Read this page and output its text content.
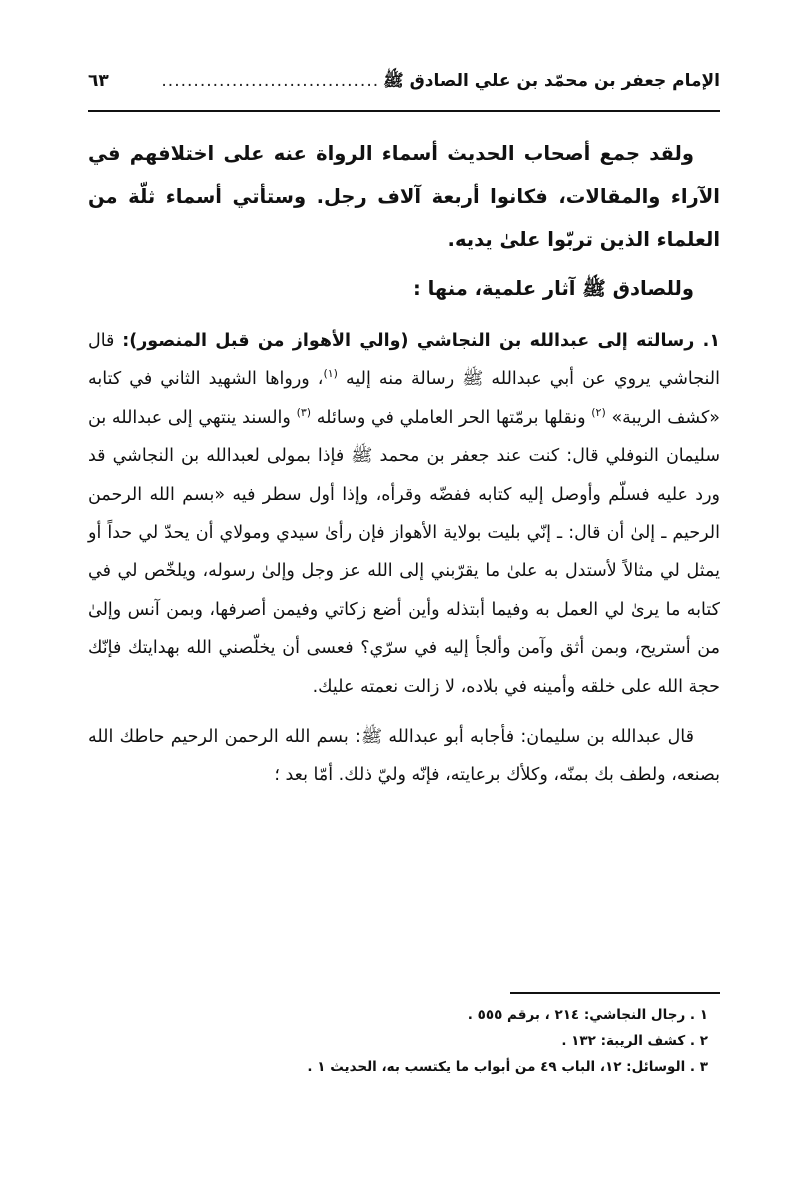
الإمام جعفر بن محمّد بن علي الصادق ﷺ
..................................
٦٣

ولقد جمع أصحاب الحديث أسماء الرواة عنه على اختلافهم في الآراء والمقالات، فكانوا أربعة آلاف رجل. وستأتي أسماء ثلّة من العلماء الذين تربّوا علىٰ يديه.

وللصادق ﷺ آثار علمية، منها :

١. رسالته إلى عبدالله بن النجاشي (والي الأهواز من قبل المنصور): قال النجاشي يروي عن أبي عبدالله ﷺ رسالة منه إليه $^{(١)}$، ورواها الشهيد الثاني في كتابه «كشف الريبة» $^{(٢)}$ ونقلها برمّتها الحر العاملي في وسائله $^{(٣)}$ والسند ينتهي إلى عبدالله بن سليمان النوفلي قال: كنت عند جعفر بن محمد ﷺ فإذا بمولى لعبدالله بن النجاشي قد ورد عليه فسلّم وأوصل إليه كتابه ففضّه وقرأه، وإذا أول سطر فيه «بسم الله الرحمن الرحيم ـ إلىٰ أن قال: ـ إنّي بليت بولاية الأهواز فإن رأىٰ سيدي ومولاي أن يحدّ لي حداً أو يمثل لي مثالاً لأستدل به علىٰ ما يقرّبني إلى الله عز وجل وإلىٰ رسوله، ويلخّص لي في كتابه ما يرىٰ لي العمل به وفيما أبتذله وأين أضع زكاتي وفيمن أصرفها، وبمن آنس وإلىٰ من أستريح، وبمن أثق وآمن وألجأ إليه في سرّي؟ فعسى أن يخلّصني الله بهدايتك فإنّك حجة الله على خلقه وأمينه في بلاده، لا زالت نعمته عليك.

قال عبدالله بن سليمان: فأجابه أبو عبدالله ﷺ: بسم الله الرحمن الرحيم حاطك الله بصنعه، ولطف بك بمنّه، وكلأك برعايته، فإنّه وليّ ذلك. أمّا بعد ؛

١ . رجال النجاشي: ٢١٤ ، برقم ٥٥٥ .
٢ . كشف الريبة: ١٣٢ .
٣ . الوسائل: ١٢، الباب ٤٩ من أبواب ما يكتسب به، الحديث ١ .
